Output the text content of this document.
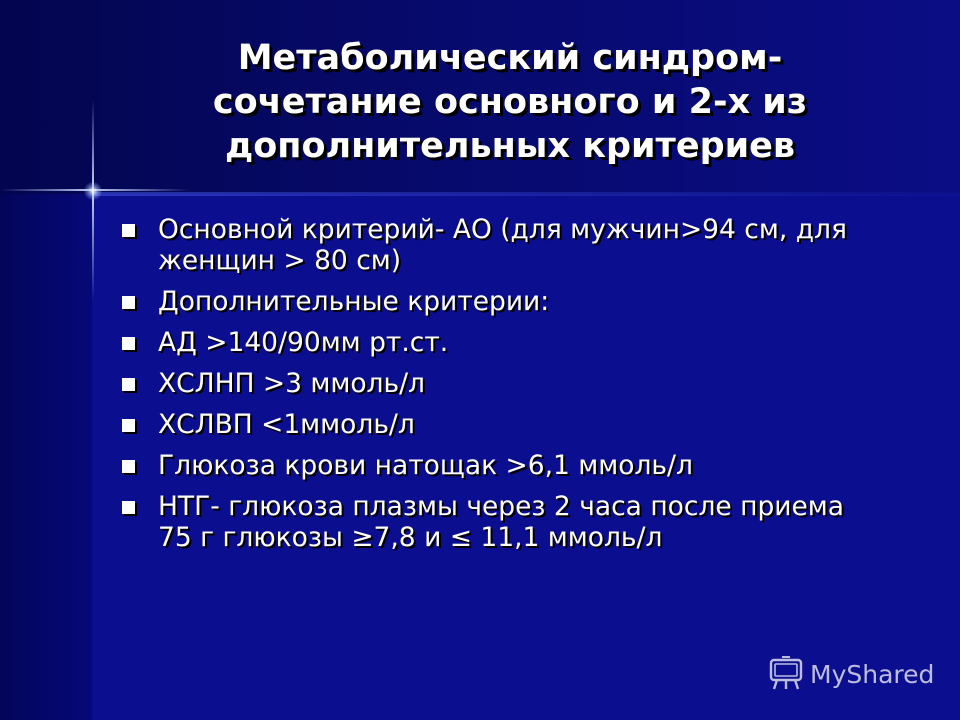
Метаболический синдром-
сочетание основного и 2-х из
дополнительных критериев
Основной критерий- АО (для мужчин>94 см, для женщин > 80 см)
Дополнительные критерии:
АД >140/90мм рт.ст.
ХСЛНП >3 ммоль/л
ХСЛВП <1ммоль/л
Глюкоза крови натощак >6,1 ммоль/л
НТГ- глюкоза плазмы через 2 часа после приема 75 г глюкозы ≥7,8 и ≤ 11,1 ммоль/л
MyShared
